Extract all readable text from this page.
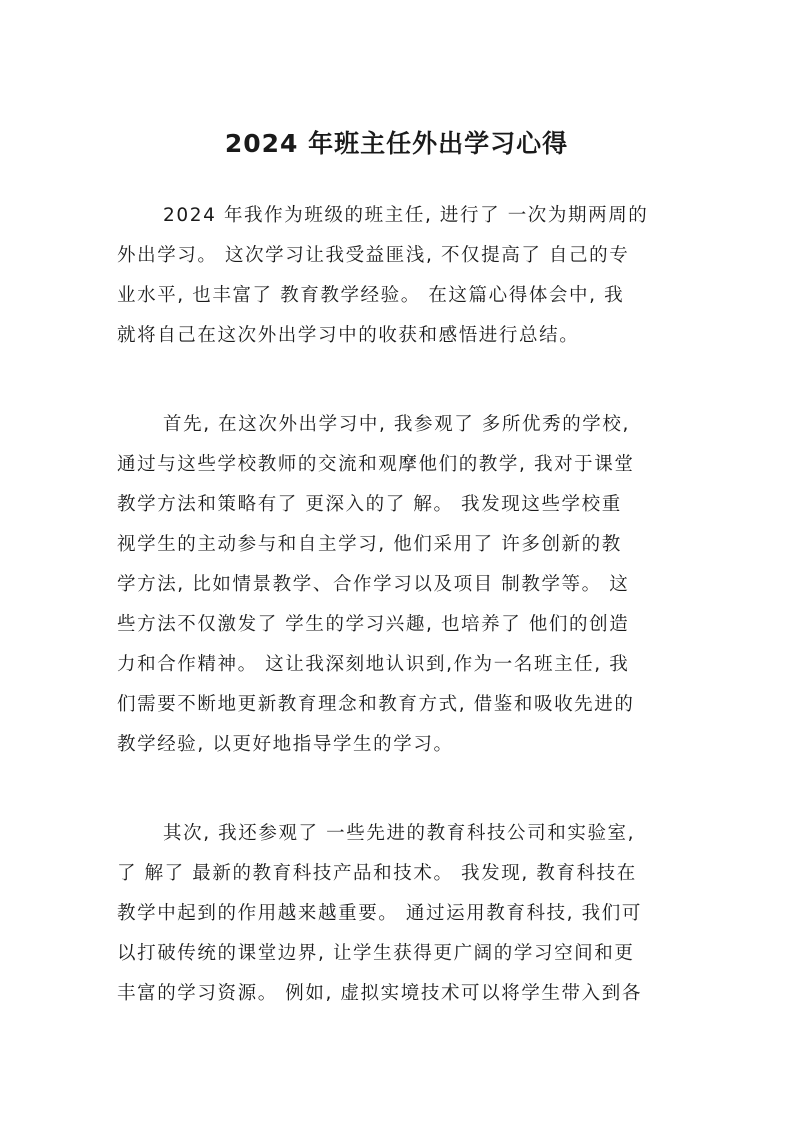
2024 年班主任外出学习心得
2024 年我作为班级的班主任, 进行了 一次为期两周的
外出学习。 这次学习让我受益匪浅, 不仅提高了 自己的专
业水平, 也丰富了 教育教学经验。 在这篇心得体会中, 我
就将自己在这次外出学习中的收获和感悟进行总结。
首先, 在这次外出学习中, 我参观了 多所优秀的学校,
通过与这些学校教师的交流和观摩他们的教学, 我对于课堂
教学方法和策略有了 更深入的了 解。 我发现这些学校重
视学生的主动参与和自主学习, 他们采用了 许多创新的教
学方法, 比如情景教学、合作学习以及项目 制教学等。 这
些方法不仅激发了 学生的学习兴趣, 也培养了 他们的创造
力和合作精神。 这让我深刻地认识到,作为一名班主任, 我
们需要不断地更新教育理念和教育方式, 借鉴和吸收先进的
教学经验, 以更好地指导学生的学习。
其次, 我还参观了 一些先进的教育科技公司和实验室,
了 解了 最新的教育科技产品和技术。 我发现, 教育科技在
教学中起到的作用越来越重要。 通过运用教育科技, 我们可
以打破传统的课堂边界, 让学生获得更广阔的学习空间和更
丰富的学习资源。 例如, 虚拟实境技术可以将学生带入到各
